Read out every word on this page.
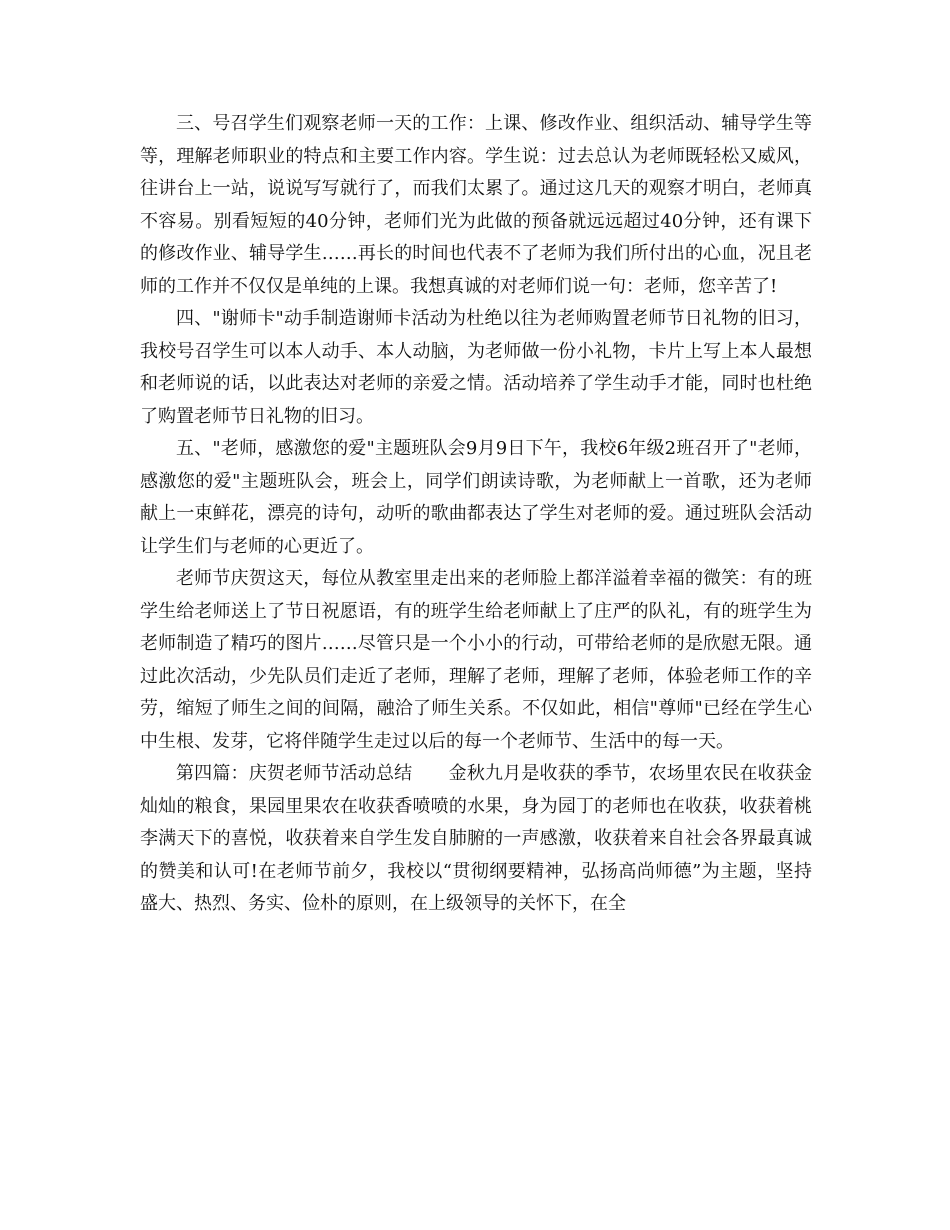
三、号召学生们观察老师一天的工作：上课、修改作业、组织活动、辅导学生等等，理解老师职业的特点和主要工作内容。学生说：过去总认为老师既轻松又威风，往讲台上一站，说说写写就行了，而我们太累了。通过这几天的观察才明白，老师真不容易。别看短短的40分钟，老师们光为此做的预备就远远超过40分钟，还有课下的修改作业、辅导学生……再长的时间也代表不了老师为我们所付出的心血，况且老师的工作并不仅仅是单纯的上课。我想真诚的对老师们说一句：老师，您辛苦了!

四、"谢师卡"动手制造谢师卡活动为杜绝以往为老师购置老师节日礼物的旧习，我校号召学生可以本人动手、本人动脑，为老师做一份小礼物，卡片上写上本人最想和老师说的话，以此表达对老师的亲爱之情。活动培养了学生动手才能，同时也杜绝了购置老师节日礼物的旧习。

五、"老师，感激您的爱"主题班队会9月9日下午，我校6年级2班召开了"老师，感激您的爱"主题班队会，班会上，同学们朗读诗歌，为老师献上一首歌，还为老师献上一束鲜花，漂亮的诗句，动听的歌曲都表达了学生对老师的爱。通过班队会活动让学生们与老师的心更近了。

老师节庆贺这天，每位从教室里走出来的老师脸上都洋溢着幸福的微笑：有的班学生给老师送上了节日祝愿语，有的班学生给老师献上了庄严的队礼，有的班学生为老师制造了精巧的图片……尽管只是一个小小的行动，可带给老师的是欣慰无限。通过此次活动，少先队员们走近了老师，理解了老师，理解了老师，体验老师工作的辛劳，缩短了师生之间的间隔，融洽了师生关系。不仅如此，相信"尊师"已经在学生心中生根、发芽，它将伴随学生走过以后的每一个老师节、生活中的每一天。

第四篇：庆贺老师节活动总结　　金秋九月是收获的季节，农场里农民在收获金灿灿的粮食，果园里果农在收获香喷喷的水果，身为园丁的老师也在收获，收获着桃李满天下的喜悦，收获着来自学生发自肺腑的一声感激，收获着来自社会各界最真诚的赞美和认可!在老师节前夕，我校以“贯彻纲要精神，弘扬高尚师德”为主题，坚持盛大、热烈、务实、俭朴的原则，在上级领导的关怀下，在全
